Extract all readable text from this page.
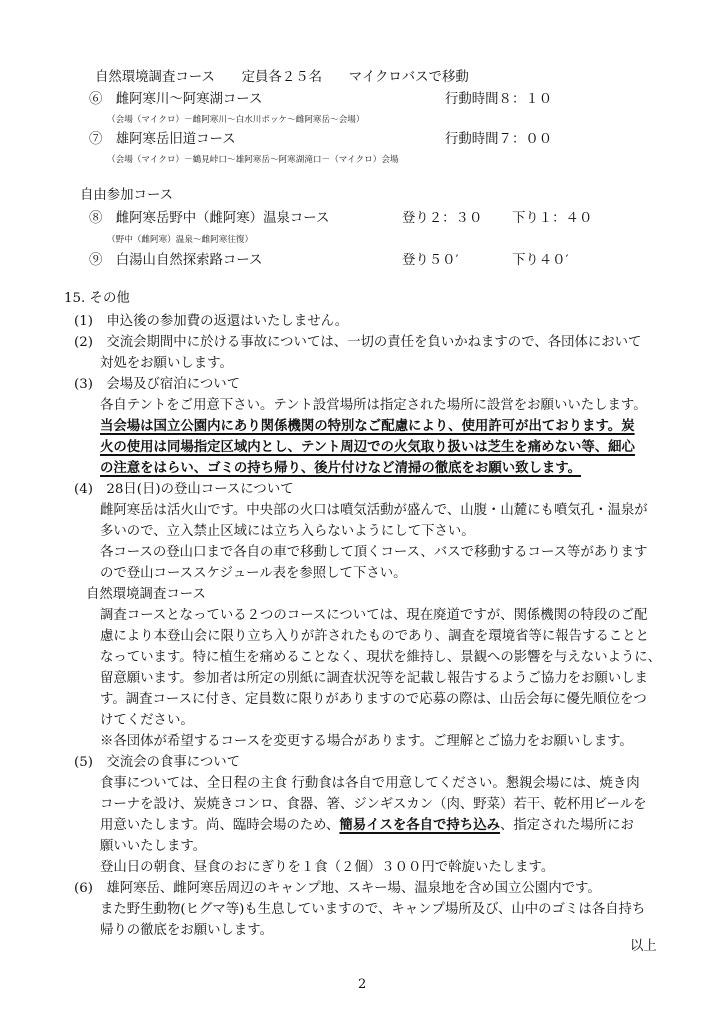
自然環境調査コース　　定員各２５名　　マイクロバスで移動
⑥　雌阿寒川～阿寒湖コース	行動時間８：１０
（会場（マイクロ）－雌阿寒川～白水川ポッケ～雌阿寒岳～会場）
⑦　雄阿寒岳旧道コース	行動時間７：００
（会場（マイクロ）－鶴見峠口～雄阿寒岳～阿寒湖滝口－（マイクロ）会場
自由参加コース
⑧　雌阿寒岳野中（雌阿寒）温泉コース	登り２：３０ 下り１：４０
（野中（雌阿寒）温泉～雌阿寒往復）
⑨　白湯山自然探索路コース	登り５０′	下り４０′
15. その他
(1)　申込後の参加費の返還はいたしません。
(2)　交流会期間中に於ける事故については、一切の責任を負いかねますので、各団体において
対処をお願いします。
(3)　会場及び宿泊について
各自テントをご用意下さい。テント設営場所は指定された場所に設営をお願いいたします。
当会場は国立公園内にあり関係機関の特別なご配慮により、使用許可が出ております。炭
火の使用は同場指定区域内とし、テント周辺での火気取り扱いは芝生を痛めない等、細心
の注意をはらい、ゴミの持ち帰り、後片付けなど清掃の徹底をお願い致します。
(4)　28日(日)の登山コースについて
雌阿寒岳は活火山です。中央部の火口は噴気活動が盛んで、山腹・山麓にも噴気孔・温泉が
多いので、立入禁止区域には立ち入らないようにして下さい。
各コースの登山口まで各自の車で移動して頂くコース、バスで移動するコース等があります
ので登山コーススケジュール表を参照して下さい。
自然環境調査コース
調査コースとなっている２つのコースについては、現在廃道ですが、関係機関の特段のご配
慮により本登山会に限り立ち入りが許されたものであり、調査を環境省等に報告することと
なっています。特に植生を痛めることなく、現状を維持し、景観への影響を与えないように、
留意願います。参加者は所定の別紙に調査状況等を記載し報告するようご協力をお願いしま
す。調査コースに付き、定員数に限りがありますので応募の際は、山岳会毎に優先順位をつ
けてください。
※各団体が希望するコースを変更する場合があります。ご理解とご協力をお願いします。
(5)　交流会の食事について
食事については、全日程の主食 行動食は各自で用意してください。懇親会場には、焼き肉
コーナを設け、炭焼きコンロ、食器、箸、ジンギスカン（肉、野菜）若干、乾杯用ビールを
用意いたします。尚、臨時会場のため、簡易イスを各自で持ち込み、指定された場所にお
願いいたします。
登山日の朝食、昼食のおにぎりを１食（２個）３００円で斡旋いたします。
(6)　雄阿寒岳、雌阿寒岳周辺のキャンプ地、スキー場、温泉地を含め国立公園内です。
また野生動物(ヒグマ等)も生息していますので、キャンプ場所及び、山中のゴミは各自持ち
帰りの徹底をお願いします。
以上
2
